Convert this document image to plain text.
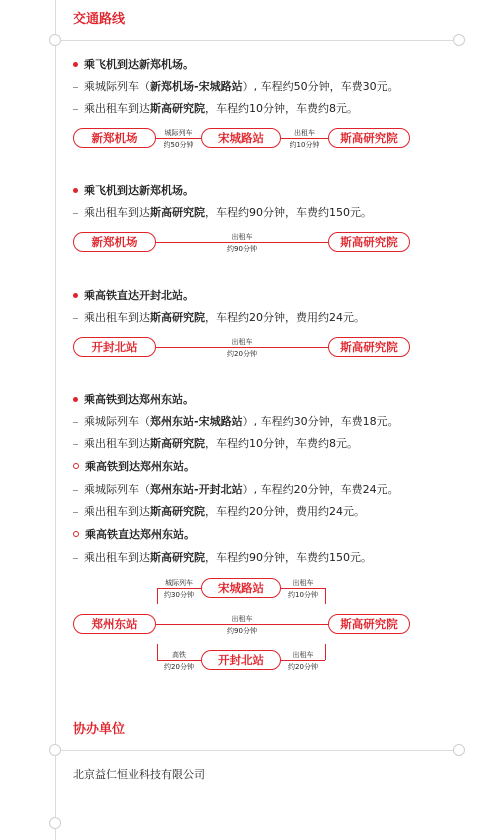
交通路线
乘飞机到达新郑机场。
乘城际列车（新郑机场-宋城路站）, 车程约50分钟，车费30元。
乘出租车到达斯高研究院，车程约10分钟，车费约8元。
新郑机场	城际列车
约50分钟	宋城路站	出租车
约10分钟	斯高研究院
乘飞机到达新郑机场。
乘出租车到达斯高研究院，车程约90分钟，车费约150元。
新郑机场	出租车
约90分钟	斯高研究院
乘高铁直达开封北站。
乘出租车到达斯高研究院，车程约20分钟，费用约24元。
开封北站	出租车
约20分钟	斯高研究院
乘高铁到达郑州东站。
乘城际列车（郑州东站-宋城路站）, 车程约30分钟，车费18元。
乘出租车到达斯高研究院，车程约10分钟，车费约8元。
乘高铁到达郑州东站。
乘城际列车（郑州东站-开封北站）, 车程约20分钟，车费24元。
乘出租车到达斯高研究院，车程约20分钟，费用约24元。
乘高铁直达郑州东站。
乘出租车到达斯高研究院，车程约90分钟，车费约150元。
宋城路站
城际列车
约30分钟
出租车
约10分钟
郑州东站	出租车
约90分钟	斯高研究院
高铁
约20分钟	开封北站	出租车
约20分钟
协办单位
北京益仁恒业科技有限公司
